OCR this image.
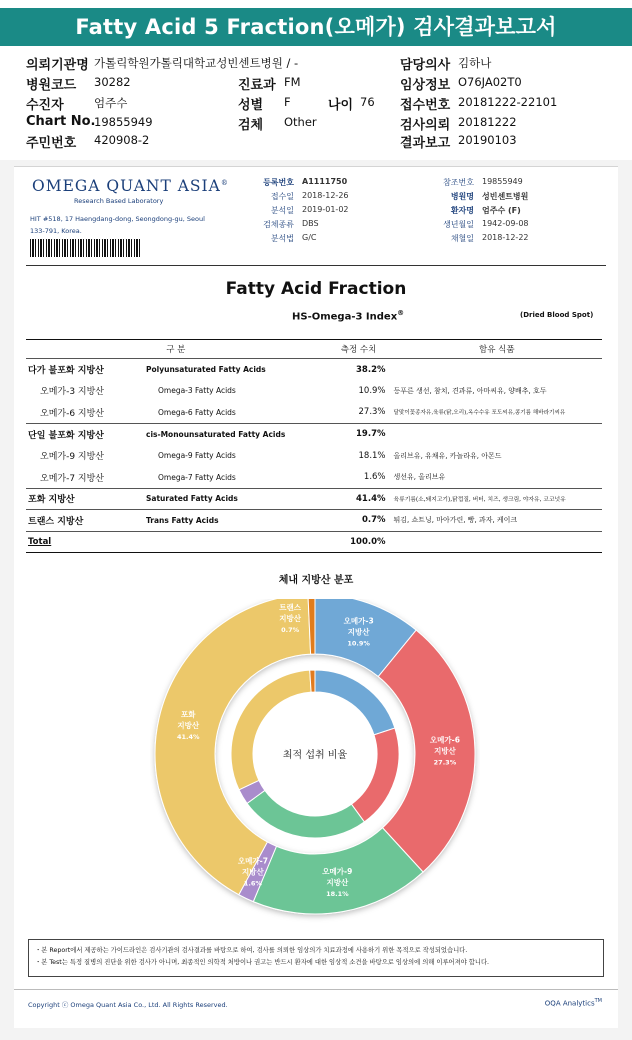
Fatty Acid 5 Fraction(오메가) 검사결과보고서
의뢰기관명 가톨릭학원가톨릭대학교성빈센트병원 / -
병원코드 30282
수진자	엄주수
Chart No.
19855949
주민번호 420908-2
진료과 FM
성별 F
검체 Other
나이 76
담당의사 김하나
임상정보 O76JA02T0
접수번호 20181222-22101
검사의뢰 20181222
결과보고 20190103
OMEGA QUANT ASIA®
Research Based Laboratory
HIT #518, 17 Haengdang-dong, Seongdong-gu, Seoul 133-791, Korea.
등록번호 A1111750
접수일 2018-12-26
분석일 2019-01-02
검체종류 DBS
분석법 G/C
참조번호 19855949
병원명 성빈센트병원
환자명 엄주수 (F)
생년월일 1942-09-08
채혈일 2018-12-22
Fatty Acid Fraction
HS-Omega-3 Index®	(Dried Blood Spot)
구 분		측정 수치	함유 식품
다가 불포화 지방산	Polyunsaturated Fatty Acids	38.2%	
오메가-3 지방산	Omega-3 Fatty Acids	10.9%	등푸른 생선, 참치, 견과류, 아마씨유, 양배추, 호두
오메가-6 지방산	Omega-6 Fatty Acids	27.3%	달맞이꽃종자유,육류(닭,오리),옥수수유 포도씨유,콩기름 해바라기씨유
단일 불포화 지방산	cis-Monounsaturated Fatty Acids	19.7%	
오메가-9 지방산	Omega-9 Fatty Acids	18.1%	올리브유, 유채유, 카놀라유, 아몬드
오메가-7 지방산	Omega-7 Fatty Acids	1.6%	생선유, 올리브유
포화 지방산	Saturated Fatty Acids	41.4%	육류기름(소,돼지고기),닭껍질, 버터, 치즈, 생크림, 야자유, 코코넛유
트랜스 지방산	Trans Fatty Acids	0.7%	튀김, 쇼트닝, 마아가린, 빵, 과자, 케이크
Total		100.0%	
체내 지방산 분포
최적 섭취 비율
오메가-3 지방산 10.9%
오메가-6 지방산 27.3%
오메가-9 지방산 18.1%
오메가-7 지방산 1.6%
포화 지방산 41.4%
트랜스 지방산 0.7%
・본 Report에서 제공하는 가이드라인은 검사기관의 검사결과를 바탕으로 하여, 검사를 의뢰한 임상의가 치료과정에 사용하기 위한 목적으로 작성되었습니다.
・본 Test는 특정 질병의 진단을 위한 검사가 아니며, 최종적인 의학적 처방이나 권고는 반드시 환자에 대한 임상적 소견을 바탕으로 임상의에 의해 이루어져야 합니다.
Copyright ⓒ Omega Quant Asia Co., Ltd. All Rights Reserved.	OQA Analytics™
